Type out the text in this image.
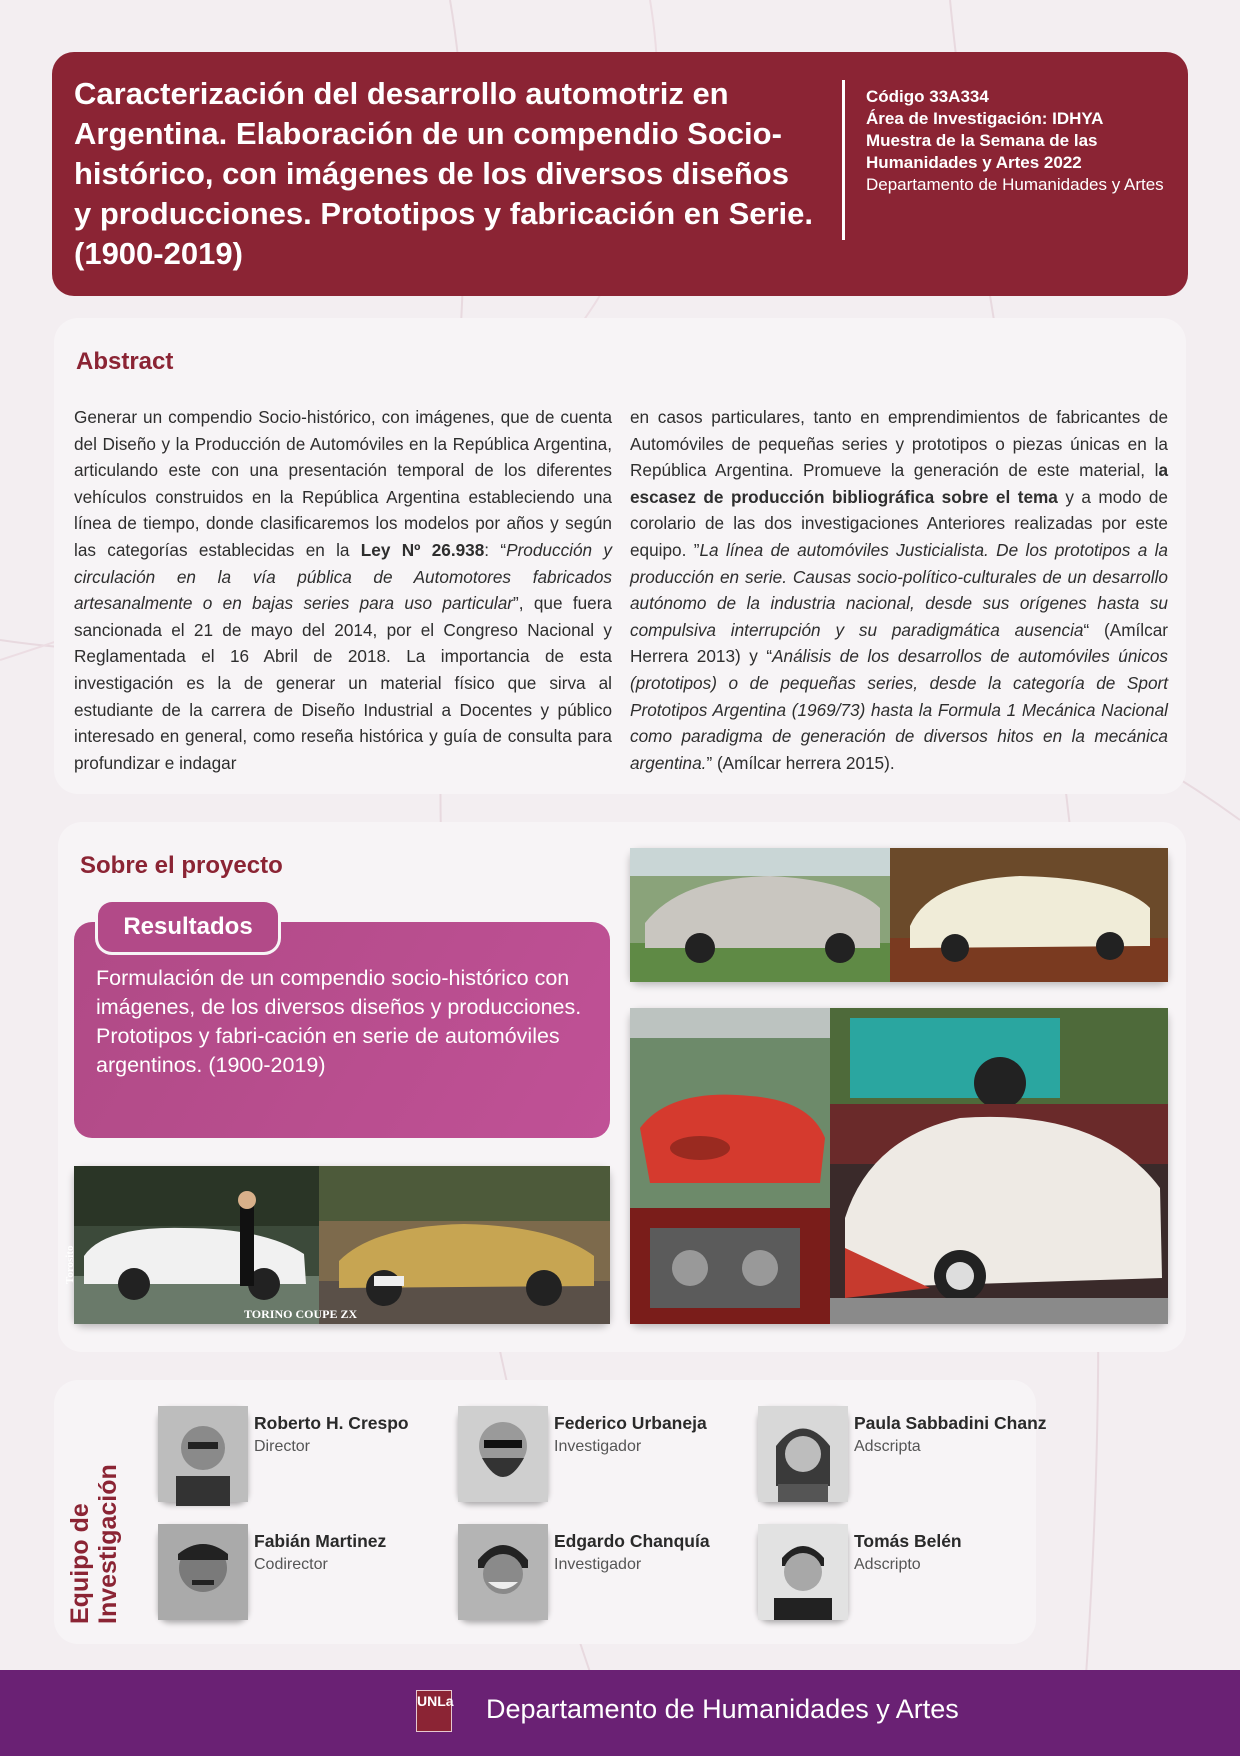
Caracterización del desarrollo automotriz en Argentina. Elaboración de un compendio Socio-histórico, con imágenes de los diversos diseños y producciones. Prototipos y fabricación en Serie. (1900-2019)
Código 33A334
Área de Investigación: IDHYA
Muestra de la Semana de las Humanidades y Artes 2022
Departamento de Humanidades y Artes
Abstract
Generar un compendio Socio-histórico, con imágenes, que de cuenta del Diseño y la Producción de Automóviles en la República Argentina, articulando este con una presentación temporal de los diferentes vehículos construidos en la República Argentina estableciendo una línea de tiempo, donde clasificaremos los modelos por años y según las categorías establecidas en la Ley Nº 26.938: “Producción y circulación en la vía pública de Automotores fabricados artesanalmente o en bajas series para uso particular”, que fuera sancionada el 21 de mayo del 2014, por el Congreso Nacional y Reglamentada el 16 Abril de 2018. La importancia de esta investigación es la de generar un material físico que sirva al estudiante de la carrera de Diseño Industrial a Docentes y público interesado en general, como reseña histórica y guía de consulta para profundizar e indagar
en casos particulares, tanto en emprendimientos de fabricantes de Automóviles de pequeñas series y prototipos o piezas únicas en la República Argentina. Promueve la generación de este material, la escasez de producción bibliográfica sobre el tema y a modo de corolario de las dos investigaciones Anteriores realizadas por este equipo. ”La línea de automóviles Justicialista. De los prototipos a la producción en serie. Causas socio-político-culturales de un desarrollo autónomo de la industria nacional, desde sus orígenes hasta su compulsiva interrupción y su paradigmática ausencia“ (Amílcar Herrera 2013) y “Análisis de los desarrollos de automóviles únicos (prototipos) o de pequeñas series, desde la categoría de Sport Prototipos Argentina (1969/73) hasta la Formula 1 Mecánica Nacional como paradigma de generación de diversos hitos en la mecánica argentina.” (Amílcar herrera 2015).
Sobre el proyecto
Formulación de un compendio socio-histórico con imágenes, de los diversos diseños y producciones. Prototipos y fabri-cación en serie de automóviles argentinos. (1900-2019)
Resultados
TORINO COUPE ZX
Torosito
Equipo de Investigación
Roberto H. Crespo
Director
Federico Urbaneja
Investigador
Paula Sabbadini Chanz
Adscripta
Fabián Martinez
Codirector
Edgardo Chanquía
Investigador
Tomás Belén
Adscripto
UNLa Departamento de Humanidades y Artes
